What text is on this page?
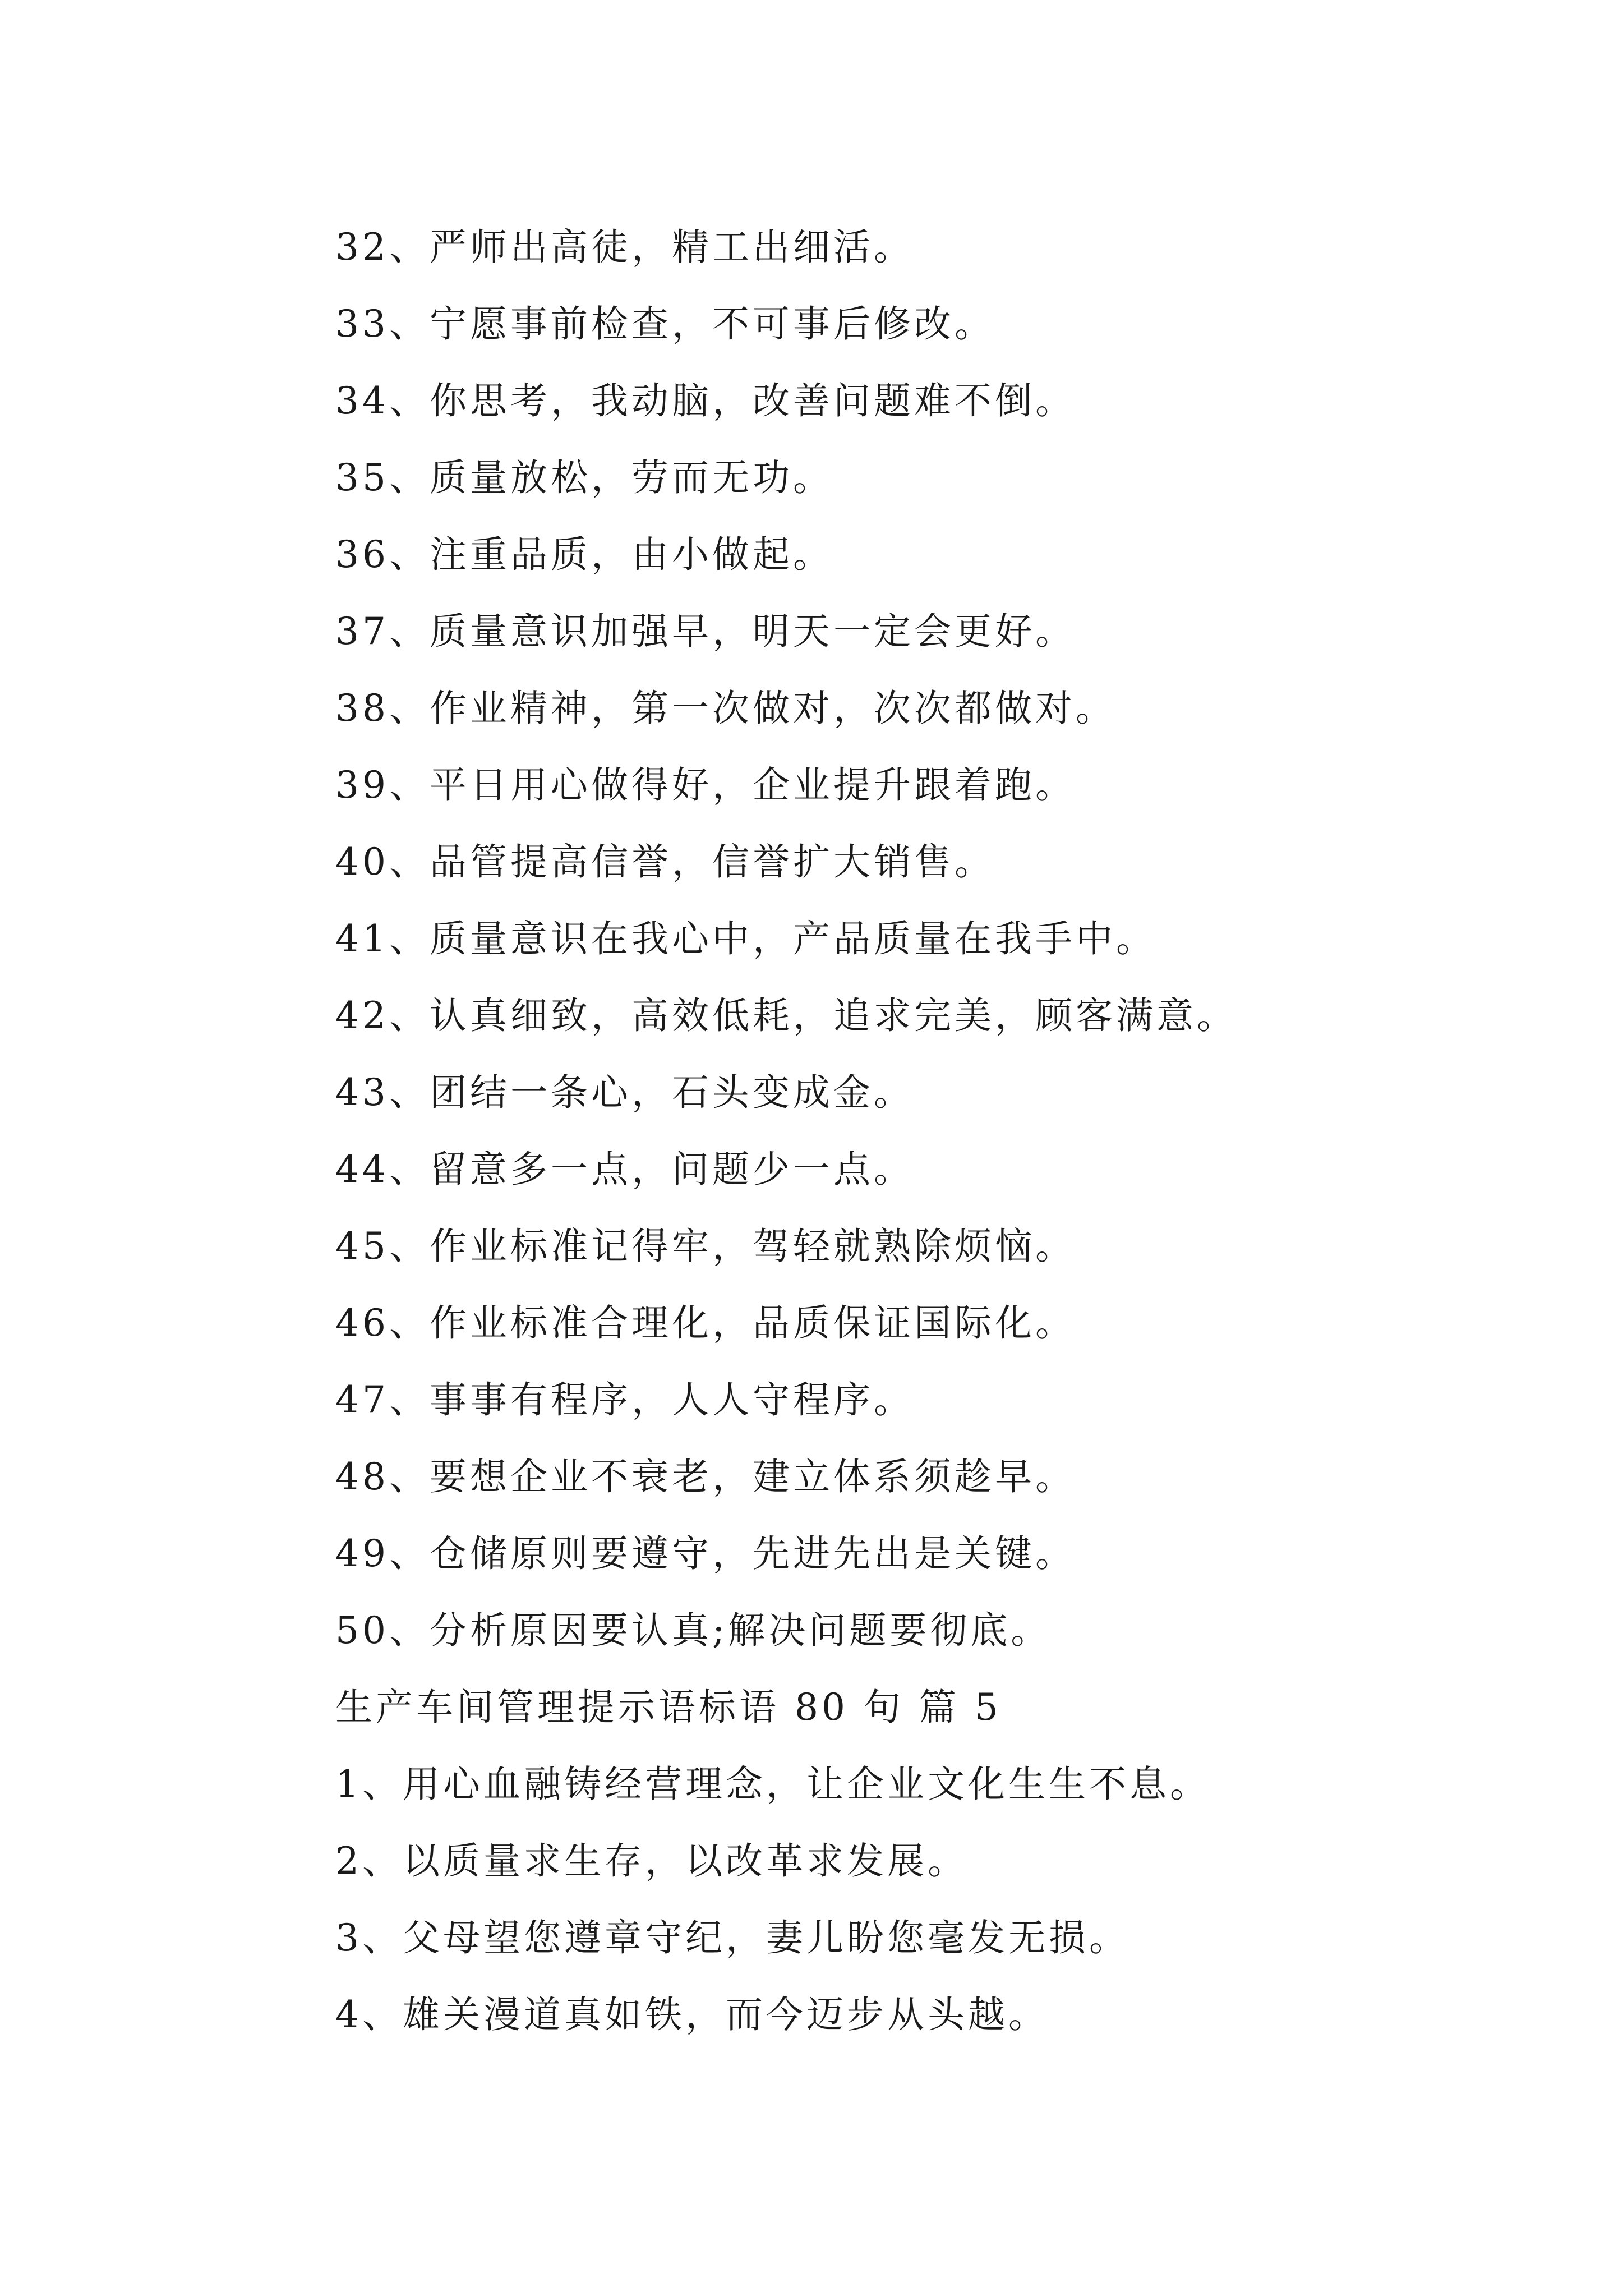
32、严师出高徒，精工出细活。
33、宁愿事前检查，不可事后修改。
34、你思考，我动脑，改善问题难不倒。
35、质量放松，劳而无功。
36、注重品质，由小做起。
37、质量意识加强早，明天一定会更好。
38、作业精神，第一次做对，次次都做对。
39、平日用心做得好，企业提升跟着跑。
40、品管提高信誉，信誉扩大销售。
41、质量意识在我心中，产品质量在我手中。
42、认真细致，高效低耗，追求完美，顾客满意。
43、团结一条心，石头变成金。
44、留意多一点，问题少一点。
45、作业标准记得牢，驾轻就熟除烦恼。
46、作业标准合理化，品质保证国际化。
47、事事有程序，人人守程序。
48、要想企业不衰老，建立体系须趁早。
49、仓储原则要遵守，先进先出是关键。
50、分析原因要认真;解决问题要彻底。
生产车间管理提示语标语 80 句 篇 5
1、用心血融铸经营理念，让企业文化生生不息。
2、以质量求生存，以改革求发展。
3、父母望您遵章守纪，妻儿盼您毫发无损。
4、雄关漫道真如铁，而今迈步从头越。
